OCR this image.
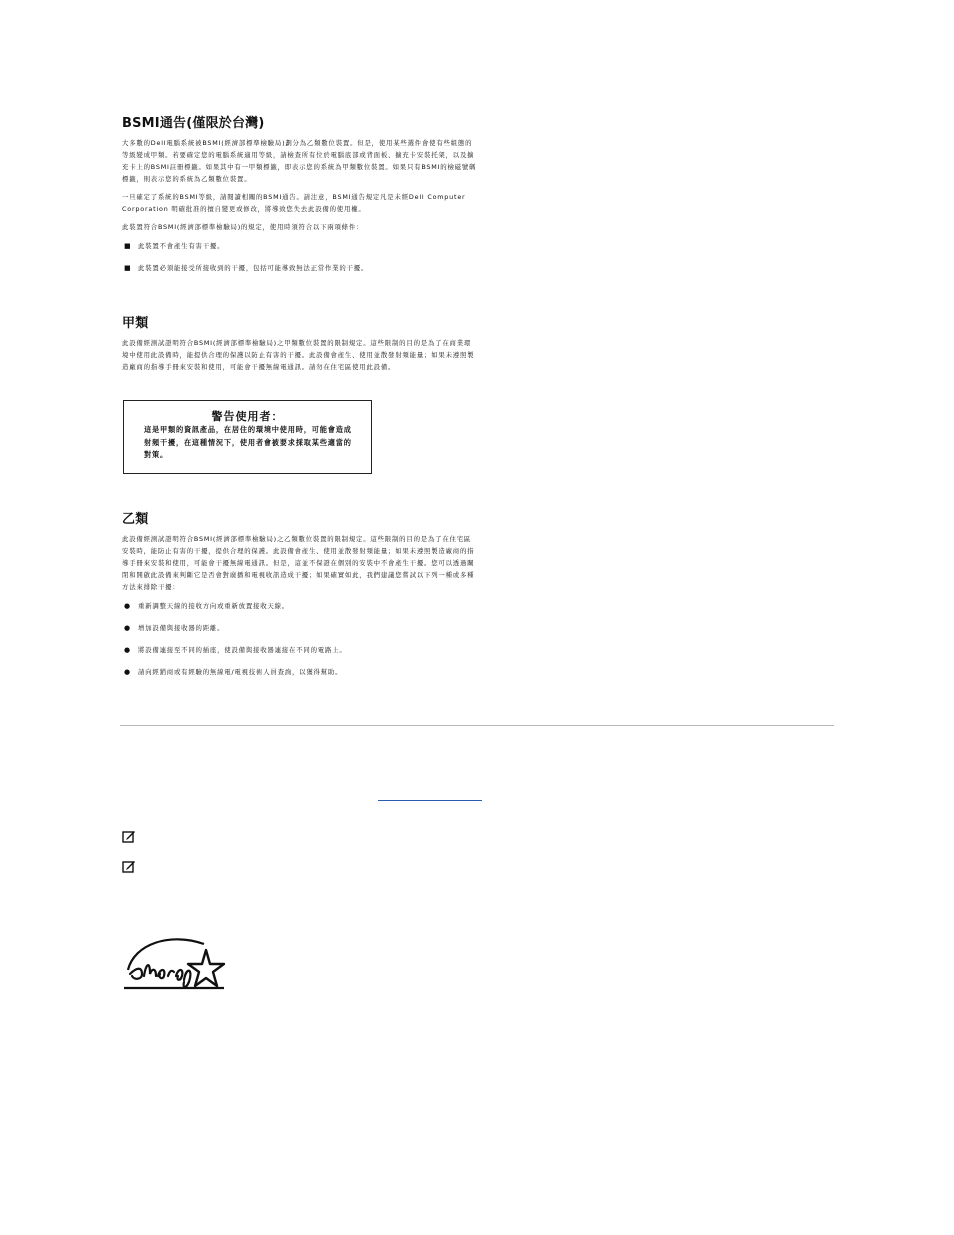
BSMI通告(僅限於台灣)
大多數的Dell電腦系統被BSMI(經濟部標準檢驗局)劃分為乙類數位裝置。但是，使用某些選件會使有些組態的等級變成甲類。若要確定您的電腦系統適用等級，請檢查所有位於電腦底部或背面板、擴充卡安裝托架，以及擴充卡上的BSMI註冊標籤。如果其中有一甲類標籤，即表示您的系統為甲類數位裝置。如果只有BSMI的檢磁號碼標籤，則表示您的系統為乙類數位裝置。
一旦確定了系統的BSMI等級，請閱讀相關的BSMI通告。請注意，BSMI通告規定凡是未經Dell Computer Corporation 明確批准的擅自變更或修改，將導致您失去此設備的使用權。
此裝置符合BSMI(經濟部標準檢驗局)的規定，使用時須符合以下兩項條件：
■ 此裝置不會產生有害干擾。
■ 此裝置必須能接受所接收到的干擾，包括可能導致無法正常作業的干擾。
甲類
此設備經測試證明符合BSMI(經濟部標準檢驗局)之甲類數位裝置的限制規定。這些限制的目的是為了在商業環境中使用此設備時，能提供合理的保護以防止有害的干擾。此設備會產生、使用並散發射頻能量；如果未遵照製造廠商的指導手冊來安裝和使用，可能會干擾無線電通訊。請勿在住宅區使用此設備。
警告使用者：
這是甲類的資訊產品，在居住的環境中使用時，可能會造成射頻干擾，在這種情況下，使用者會被要求採取某些適當的對策。
乙類
此設備經測試證明符合BSMI(經濟部標準檢驗局)之乙類數位裝置的限制規定。這些限制的目的是為了在住宅區安裝時，能防止有害的干擾，提供合理的保護。此設備會產生、使用並散發射頻能量；如果未遵照製造廠商的指導手冊來安裝和使用，可能會干擾無線電通訊。但是，這並不保證在個別的安裝中不會產生干擾。您可以透過關閉和開啟此設備來判斷它是否會對廣播和電視收訊造成干擾；如果確實如此，我們建議您嘗試以下列一種或多種方法來排除干擾：
● 重新調整天線的接收方向或重新放置接收天線。
● 增加設備與接收器的距離。
● 將設備連接至不同的插座，使設備與接收器連接在不同的電路上。
● 請向經銷商或有經驗的無線電/電視技術人員查詢，以獲得幫助。
